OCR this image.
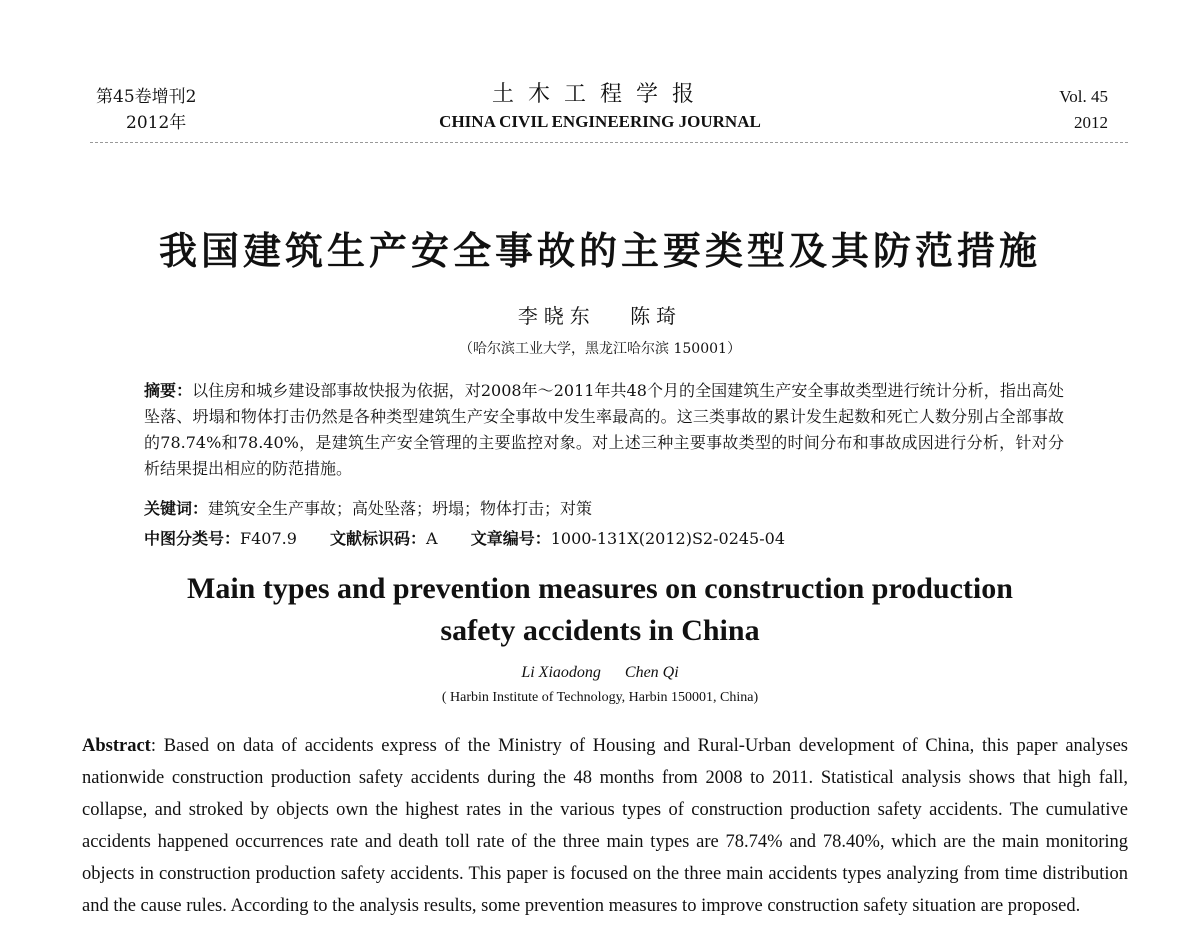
第45卷增刊2
2012年
土木工程学报
CHINA CIVIL ENGINEERING JOURNAL
Vol. 45
2012
我国建筑生产安全事故的主要类型及其防范措施
李晓东 陈琦
（哈尔滨工业大学，黑龙江哈尔滨 150001）
摘要：以住房和城乡建设部事故快报为依据，对2008年～2011年共48个月的全国建筑生产安全事故类型进行统计分析，指出高处坠落、坍塌和物体打击仍然是各种类型建筑生产安全事故中发生率最高的。这三类事故的累计发生起数和死亡人数分别占全部事故的78.74%和78.40%，是建筑生产安全管理的主要监控对象。对上述三种主要事故类型的时间分布和事故成因进行分析，针对分析结果提出相应的防范措施。
关键词：建筑安全生产事故；高处坠落；坍塌；物体打击；对策
中图分类号：F407.9 文献标识码：A 文章编号：1000-131X(2012)S2-0245-04
Main types and prevention measures on construction production
safety accidents in China
Li Xiaodong Chen Qi
( Harbin Institute of Technology, Harbin 150001, China)
Abstract: Based on data of accidents express of the Ministry of Housing and Rural-Urban development of China, this paper analyses nationwide construction production safety accidents during the 48 months from 2008 to 2011. Statistical analysis shows that high fall, collapse, and stroked by objects own the highest rates in the various types of construction production safety accidents. The cumulative accidents happened occurrences rate and death toll rate of the three main types are 78.74% and 78.40%, which are the main monitoring objects in construction production safety accidents. This paper is focused on the three main accidents types analyzing from time distribution and the cause rules. According to the analysis results, some prevention measures to improve construction safety situation are proposed.
